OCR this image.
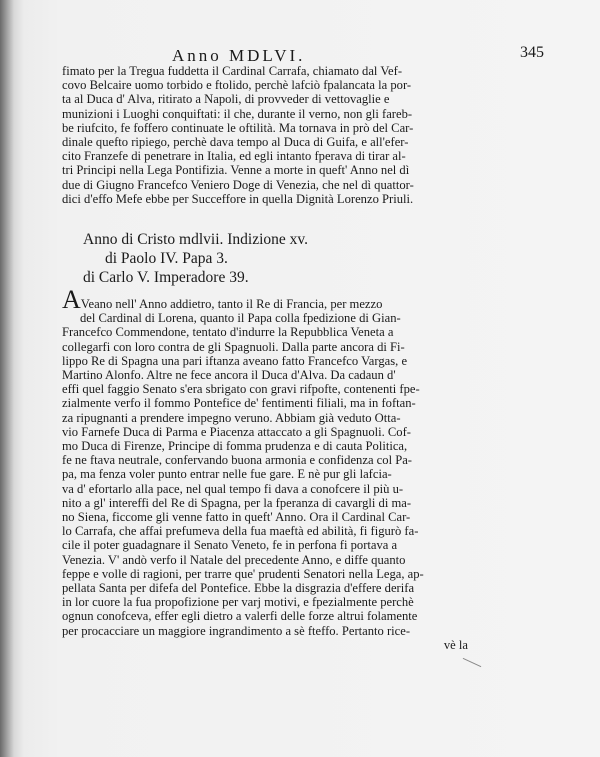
Anno MDLVI.	345
fimato per la Tregua fuddetta il Cardinal Carrafa, chiamato dal Vef-
covo Belcaire uomo torbido e ftolido, perchè lafciò fpalancata la por-
ta al Duca d' Alva, ritirato a Napoli, di provveder di vettovaglie e
munizioni i Luoghi conquiftati: il che, durante il verno, non gli fareb-
be riufcito, fe foffero continuate le oftilità. Ma tornava in prò del Car-
dinale quefto ripiego, perchè dava tempo al Duca di Guifa, e all'efer-
cito Franzefe di penetrare in Italia, ed egli intanto fperava di tirar al-
tri Principi nella Lega Pontifizia. Venne a morte in queft' Anno nel dì
due di Giugno Francefco Veniero Doge di Venezia, che nel dì quattor-
dici d'effo Mefe ebbe per Succeffore in quella Dignità Lorenzo Priuli.
Anno di Cristo mdlvii. Indizione xv.
di Paolo IV. Papa 3.
di Carlo V. Imperadore 39.
AVeano nell' Anno addietro, tanto il Re di Francia, per mezzo
del Cardinal di Lorena, quanto il Papa colla fpedizione di Gian-
Francefco Commendone, tentato d'indurre la Repubblica Veneta a
collegarfi con loro contra de gli Spagnuoli. Dalla parte ancora di Fi-
lippo Re di Spagna una pari iftanza aveano fatto Francefco Vargas, e
Martino Alonfo. Altre ne fece ancora il Duca d'Alva. Da cadaun d'
effi quel faggio Senato s'era sbrigato con gravi rifpofte, contenenti fpe-
zialmente verfo il fommo Pontefice de' fentimenti filiali, ma in foftan-
za ripugnanti a prendere impegno veruno. Abbiam già veduto Otta-
vio Farnefe Duca di Parma e Piacenza attaccato a gli Spagnuoli. Cof-
mo Duca di Firenze, Principe di fomma prudenza e di cauta Politica,
fe ne ftava neutrale, confervando buona armonia e confidenza col Pa-
pa, ma fenza voler punto entrar nelle fue gare. E nè pur gli lafcia-
va d' efortarlo alla pace, nel qual tempo fi dava a conofcere il più u-
nito a gl' intereffi del Re di Spagna, per la fperanza di cavargli di ma-
no Siena, ficcome gli venne fatto in queft' Anno. Ora il Cardinal Car-
lo Carrafa, che affai prefumeva della fua maeftà ed abilità, fi figurò fa-
cile il poter guadagnare il Senato Veneto, fe in perfona fi portava a
Venezia. V' andò verfo il Natale del precedente Anno, e diffe quanto
feppe e volle di ragioni, per trarre que' prudenti Senatori nella Lega, ap-
pellata Santa per difefa del Pontefice. Ebbe la disgrazia d'effere derifa
in lor cuore la fua propofizione per varj motivi, e fpezialmente perchè
ognun conofceva, effer egli dietro a valerfi delle forze altrui folamente
per procacciare un maggiore ingrandimento a sè fteffo. Pertanto rice-
vè la
